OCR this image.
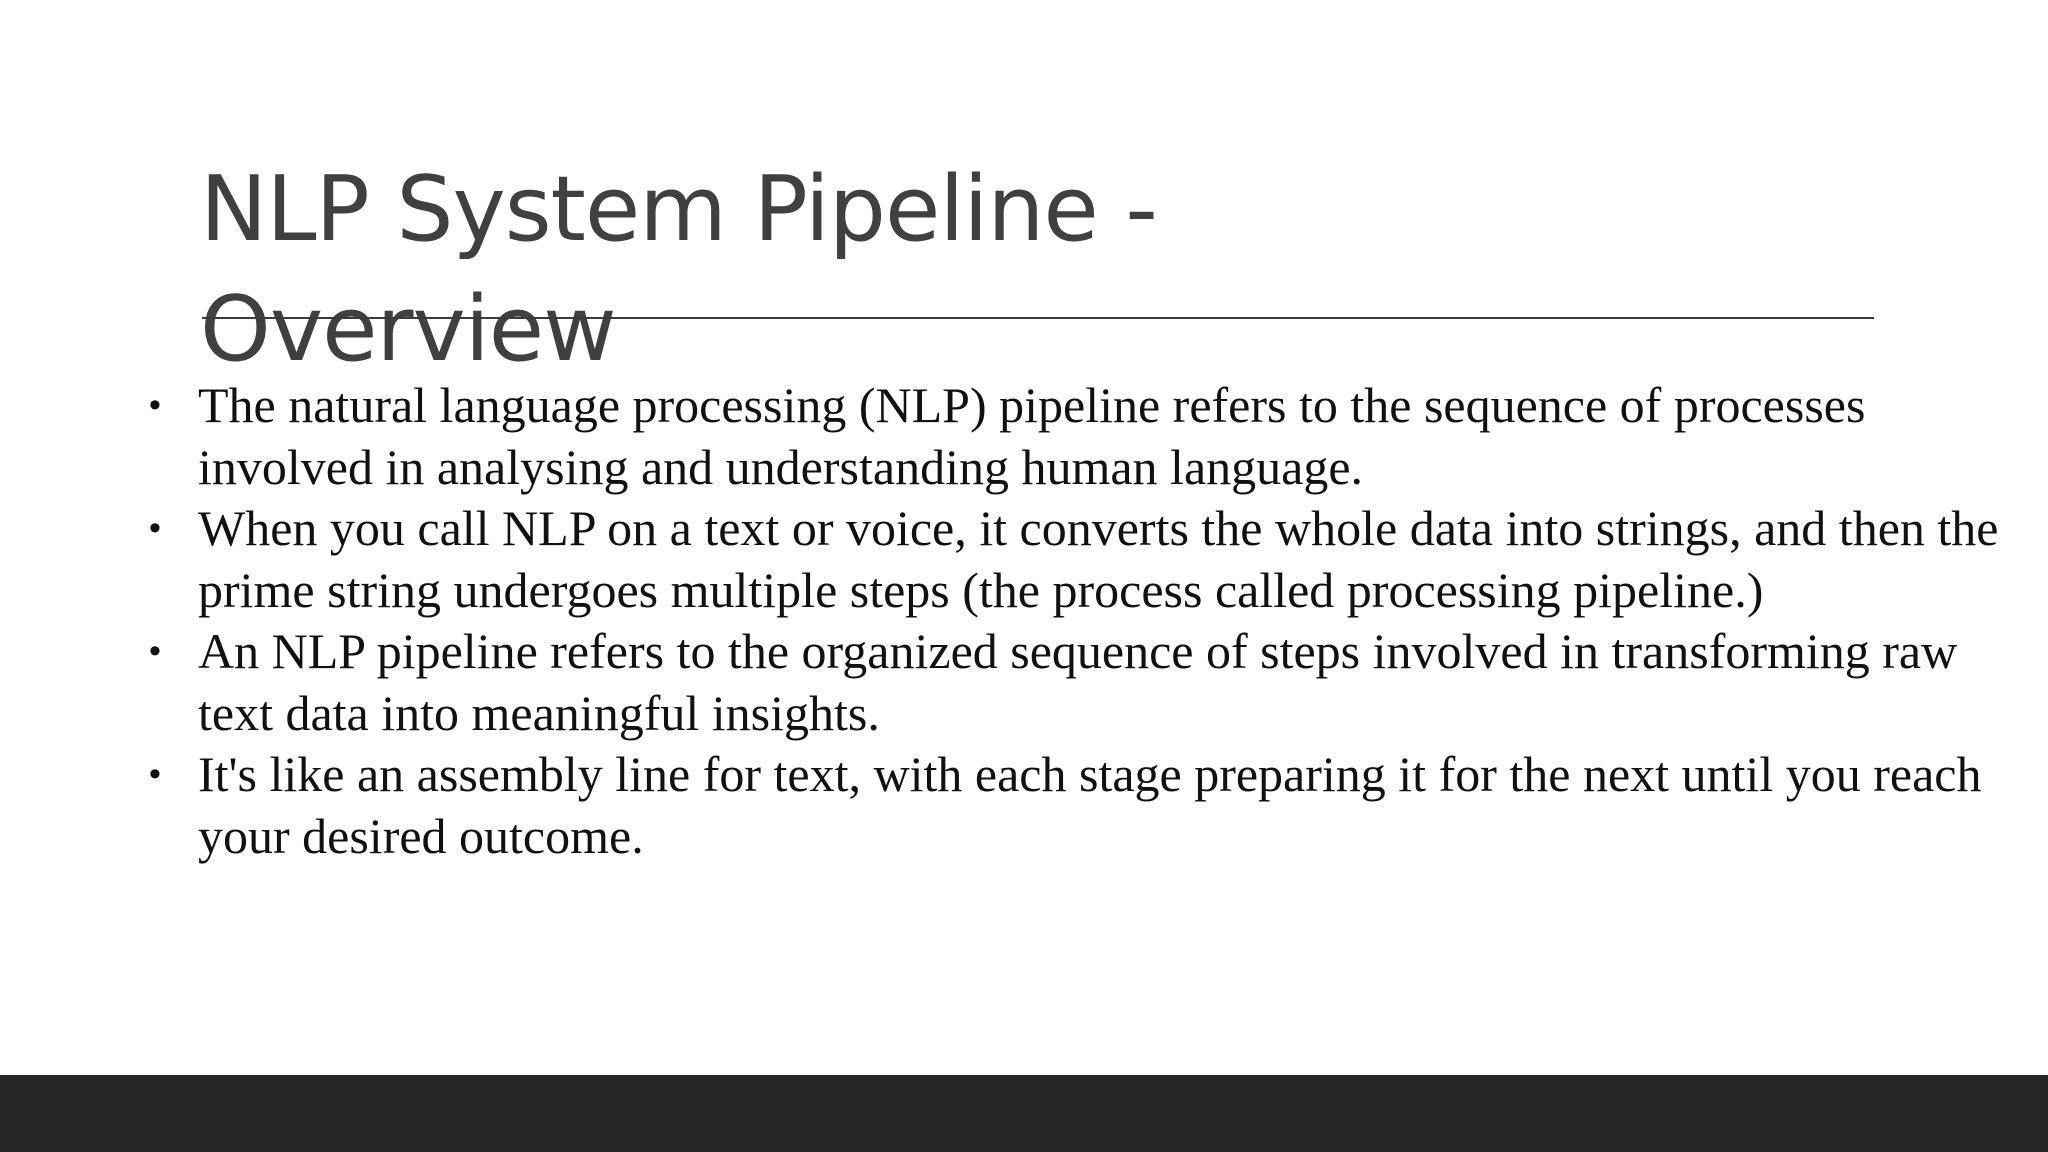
NLP System Pipeline -
Overview
• The natural language processing (NLP) pipeline refers to the sequence of processes involved in analysing and understanding human language.
• When you call NLP on a text or voice, it converts the whole data into strings, and then the prime string undergoes multiple steps (the process called processing pipeline.)
• An NLP pipeline refers to the organized sequence of steps involved in transforming raw text data into meaningful insights.
• It's like an assembly line for text, with each stage preparing it for the next until you reach your desired outcome.
